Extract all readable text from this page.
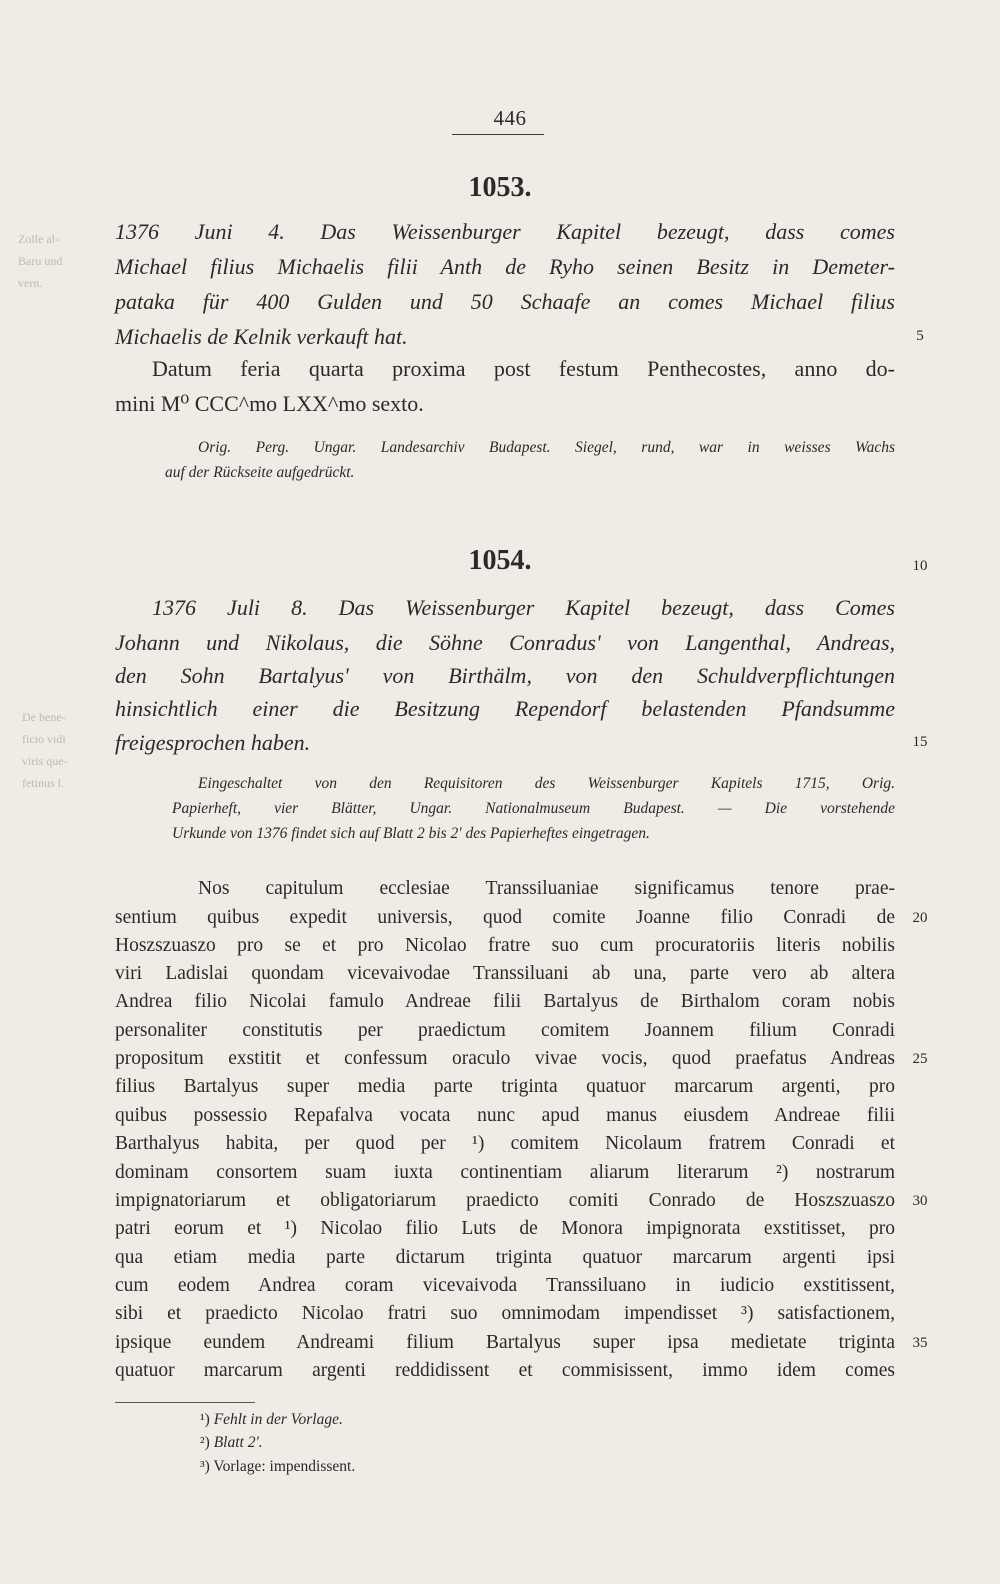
Zolle al-
Baru und
vern.
De bene-
ficio vidi
viris que-
fetinus l.
446
1053.
1376 Juni 4. Das Weissenburger Kapitel bezeugt, dass comes
Michael filius Michaelis filii Anth de Ryho seinen Besitz in Demeter-
pataka für 400 Gulden und 50 Schaafe an comes Michael filius
Michaelis de Kelnik verkauft hat.
Datum feria quarta proxima post festum Penthecostes, anno do-
mini M⁰ CCC^mo LXX^mo sexto.
Orig. Perg. Ungar. Landesarchiv Budapest. Siegel, rund, war in weisses Wachs
auf der Rückseite aufgedrückt.
1054.
1376 Juli 8. Das Weissenburger Kapitel bezeugt, dass Comes
Johann und Nikolaus, die Söhne Conradus' von Langenthal, Andreas,
den Sohn Bartalyus' von Birthälm, von den Schuldverpflichtungen
hinsichtlich einer die Besitzung Rependorf belastenden Pfandsumme
freigesprochen haben.
Eingeschaltet von den Requisitoren des Weissenburger Kapitels 1715, Orig.
Papierheft, vier Blätter, Ungar. Nationalmuseum Budapest. — Die vorstehende
Urkunde von 1376 findet sich auf Blatt 2 bis 2' des Papierheftes eingetragen.
Nos capitulum ecclesiae Transsiluaniae significamus tenore prae-
sentium quibus expedit universis, quod comite Joanne filio Conradi de
Hoszszuaszo pro se et pro Nicolao fratre suo cum procuratoriis literis nobilis
viri Ladislai quondam vicevaivodae Transsiluani ab una, parte vero ab altera
Andrea filio Nicolai famulo Andreae filii Bartalyus de Birthalom coram nobis
personaliter constitutis per praedictum comitem Joannem filium Conradi
propositum exstitit et confessum oraculo vivae vocis, quod praefatus Andreas
filius Bartalyus super media parte triginta quatuor marcarum argenti, pro
quibus possessio Repafalva vocata nunc apud manus eiusdem Andreae filii
Barthalyus habita, per quod per ¹) comitem Nicolaum fratrem Conradi et
dominam consortem suam iuxta continentiam aliarum literarum ²) nostrarum
impignatoriarum et obligatoriarum praedicto comiti Conrado de Hoszszuaszo
patri eorum et ¹) Nicolao filio Luts de Monora impignorata exstitisset, pro
qua etiam media parte dictarum triginta quatuor marcarum argenti ipsi
cum eodem Andrea coram vicevaivoda Transsiluano in iudicio exstitissent,
sibi et praedicto Nicolao fratri suo omnimodam impendisset ³) satisfactionem,
ipsique eundem Andreami filium Bartalyus super ipsa medietate triginta
quatuor marcarum argenti reddidissent et commisissent, immo idem comes
5
10
15
20
25
30
35
¹) Fehlt in der Vorlage.
²) Blatt 2'.
³) Vorlage: impendissent.
